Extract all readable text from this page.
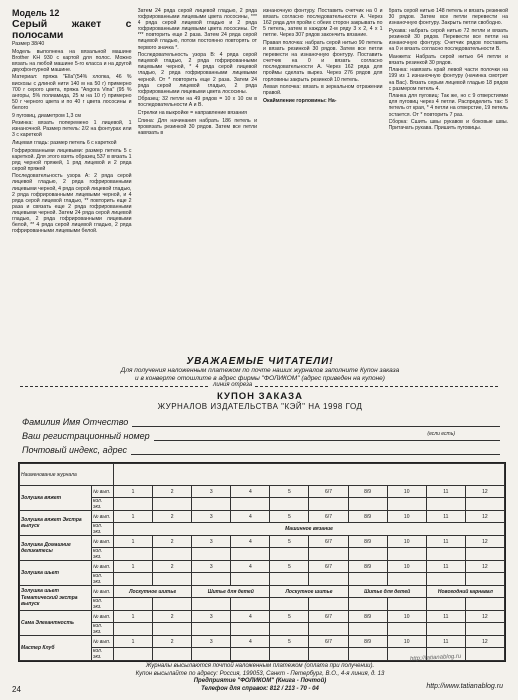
Модель 12
Серый жакет с полосами

Размер 38/40

Модель выполнена на вязальной машине Brother KH 930 с картой для полос. Можно вязать на любой машине 5-го класса и на другой двухфонтурной машине.

Материал: пряжа "Ella"(54% хлопка, 46 % вискозы с длиной нити 140 м на 50 г) примерно 700 г серого цвета, пряжа "Angora Vina" (95 % ангоры, 5% полиамида, 25 м на 10 г) примерно 50 г черного цвета и по 40 г цвета лососины и белого

9 пуговиц, диаметром 1,3 см

Резинка: вязать поперемено 1 лицевой, 1 изнаночной. Размер петель: 2/2 на фонтурах или 3 с кареткой

Лицевая гладь: размер петель 6 с кареткой

Гофрированными лицевыми: размер петель 5 с кареткой. Для этого взять образец 537 в вязать 1 ряд черной пряжей, 1 ряд лицевой и 2 ряда серой пряжей

Последовательность узора А: 2 ряда серой лицевой гладью, 2 ряда гофрированными лицевыми черной, 4 ряда серой лицевой гладью, 2 ряда гофрированными лицевыми черной, и 4 ряда серой лицевой гладью, ** повторить еще 2 раза и связать еще 2 ряда гофрированными лицевыми черной. Затем 24 ряда серой лицевой гладью, 2 ряда гофрированными лицевыми белой, ** 4 ряда серой лицевой гладью, 2 ряда гофрированными лицевыми белой.

Затем 24 ряда серой лицевой гладью, 2 ряда гофрированными лицевыми цвета лососины, *** 4 ряда серой лицевой гладью и 2 ряда гофрированными лицевыми цвета лососины. От *** повторить еще 2 раза. Затем 24 ряда серой лицевой гладью, потом постоянно повторять от первого значка *.

Последовательность узора В: 4 ряда серой лицевой гладью, 2 ряда гофрированными лицевыми черной, * 4 ряда серой лицевой гладью, 2 ряда гофрированными лицевыми черной. От * повторить еще 2 раза. Затем 24 ряда серой лицевой гладью, 2 ряда гофрированными лицевыми цвета лососины.

Образец: 32 петли на 49 рядов = 10 х 10 см в последовательности А и В.

Стрелки на выкройке = направление вязания

Спина: Для начинания набрать 186 петель и провязать резинкой 30 рядов. Затем все петли навязать в

изнаночную фонтуру. Поставить счетчик на 0 и вязать согласно последовательности А. Через 162 ряда для пройм с обеих сторон закрывать по 5 петель, затем в каждом 2-м ряду 3 х 2, 4 х 1 петле. Через 307 рядов закончить вязание.

Правая полочка: набрать серой нитью 90 петель и вязать резинкой 30 рядов. Затем все петли перевести на изнаночную фонтуру. Поставить счетчик на 0 и вязать согласно последовательности А. Через 162 ряда для проймы сделать вырез. Через 276 рядов для горловины закрыть резинкой 10 петель.

Левая полочка: вязать в зеркальном отражении правой.

Окаймление горловины: На-

брать серой нитью 148 петель и вязать резинкой 30 рядов. Затем все петли перевести на изнаночную фонтуру. Закрыть петли свободно.

Рукава: набрать серой нитью 72 петли и вязать резинкой 30 рядов. Перевести все петли на изнаночную фонтуру. Счетчик рядов поставить на 0 и вязать согласно последовательности В.

Манжета: Набрать серой нитью 64 петли и вязать резинкой 30 рядов.

Планка: навязать край левой части полочки на 199 из 1 изнаночную фонтуру (начинка смотрит на Вас). Вязать серым лицевой гладью 18 рядов с размером петель 4.

Планка для пуговиц: Так же, но с 9 отверстиями для пуговиц через 4 петли. Распределить так: 5 петель от края, * 4 петли на отверстие, 19 петель остается. От * повторить 7 раз.

Сборка: Сшить швы рукавов и боковые швы. Притачать рукава. Пришить пуговицы.

УВАЖАЕМЫЕ ЧИТАТЕЛИ!
Для получения наложенным платежом по почте наших журналов заполните Купон заказа
и в конверте отошлите в адрес фирмы "ФОЛИКОМ" (адрес приведен на купоне)
линия отреза
КУПОН ЗАКАЗА
ЖУРНАЛОВ ИЗДАТЕЛЬСТВА "КЭЙ" НА 1998 ГОД
Фамилия Имя Отчество
Ваш регистрационный номер	(если есть)
Почтовый индекс, адрес
Наименование журнала											
Золушка вяжет	№ вып.	1	2	3	4	5	6/7	8/9	10	11	12
	кол. экз.										
Золушка вяжет Экстра выпуск	№ вып.	1	2	3	4	5	6/7	8/9	10	11	12
	кол. экз.	Машинное вязание									
Золушка Домашние деликатесы	№ вып.	1	2	3	4	5	6/7	8/9	10	11	12
	кол. экз.										
Золушка шьет	№ вып.	1	2	3	4	5	6/7	8/9	10	11	12
	кол. экз.										
Золушка шьет Тематический экстра выпуск	№ вып.	Лоскутное шитье		Шитье для детей		Лоскутное шитье		Шитье для детей		Новогодний карнавал	
	кол. экз.										
Сама Элегантность	№ вып.	1	2	3	4	5	6/7	8/9	10	11	12
	кол. экз.										
Мастер Клуб	№ вып.	1	2	3	4	5	6/7	8/9	10	11	12
	кол. экз.										
Журналы высылаются почтой наложенным платежом (оплата при получении).
Купон высылайте по адресу: Россия, 199053, Санкт - Петербург, В.О., 4-я линия, д. 13
Предприятие "ФОЛИКОМ" (Книга - Почтой)
Телефон для справок: 812 / 213 - 70 - 04
24
http://tatianablog.ru
http://www.tatianablog.ru
